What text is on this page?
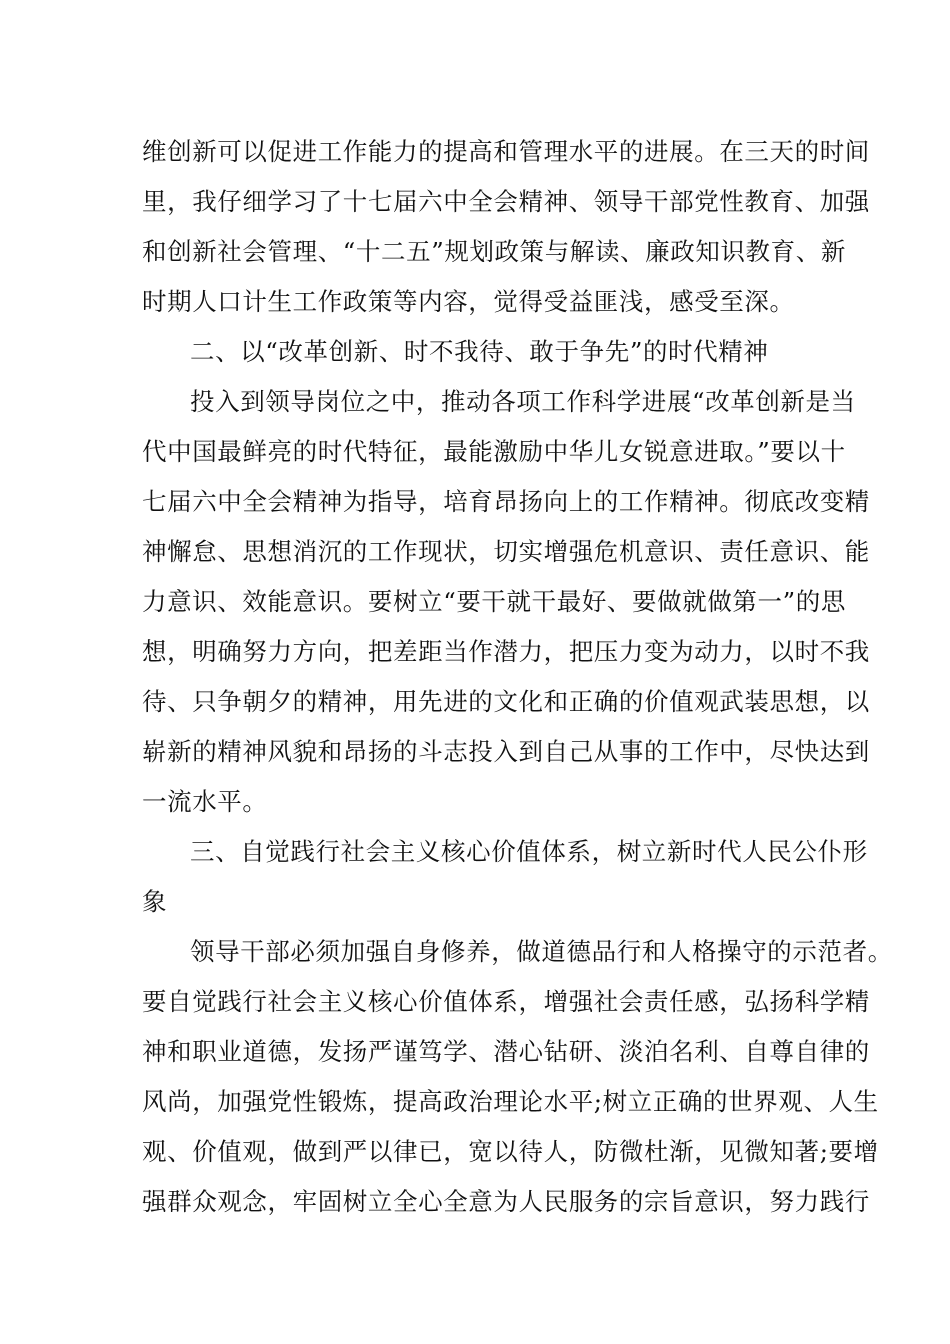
维创新可以促进工作能力的提高和管理水平的进展。在三天的时间
里，我仔细学习了十七届六中全会精神、领导干部党性教育、加强
和创新社会管理、“十二五”规划政策与解读、廉政知识教育、新
时期人口计生工作政策等内容，觉得受益匪浅，感受至深。
二、以“改革创新、时不我待、敢于争先”的时代精神
投入到领导岗位之中，推动各项工作科学进展“改革创新是当
代中国最鲜亮的时代特征，最能激励中华儿女锐意进取。”要以十
七届六中全会精神为指导，培育昂扬向上的工作精神。彻底改变精
神懈怠、思想消沉的工作现状，切实增强危机意识、责任意识、能
力意识、效能意识。要树立“要干就干最好、要做就做第一”的思
想，明确努力方向，把差距当作潜力，把压力变为动力，以时不我
待、只争朝夕的精神，用先进的文化和正确的价值观武装思想，以
崭新的精神风貌和昂扬的斗志投入到自己从事的工作中，尽快达到
一流水平。
三、自觉践行社会主义核心价值体系，树立新时代人民公仆形
象
领导干部必须加强自身修养，做道德品行和人格操守的示范者。
要自觉践行社会主义核心价值体系，增强社会责任感，弘扬科学精
神和职业道德，发扬严谨笃学、潜心钻研、淡泊名利、自尊自律的
风尚，加强党性锻炼，提高政治理论水平;树立正确的世界观、人生
观、价值观，做到严以律已，宽以待人，防微杜渐，见微知著;要增
强群众观念，牢固树立全心全意为人民服务的宗旨意识，努力践行
